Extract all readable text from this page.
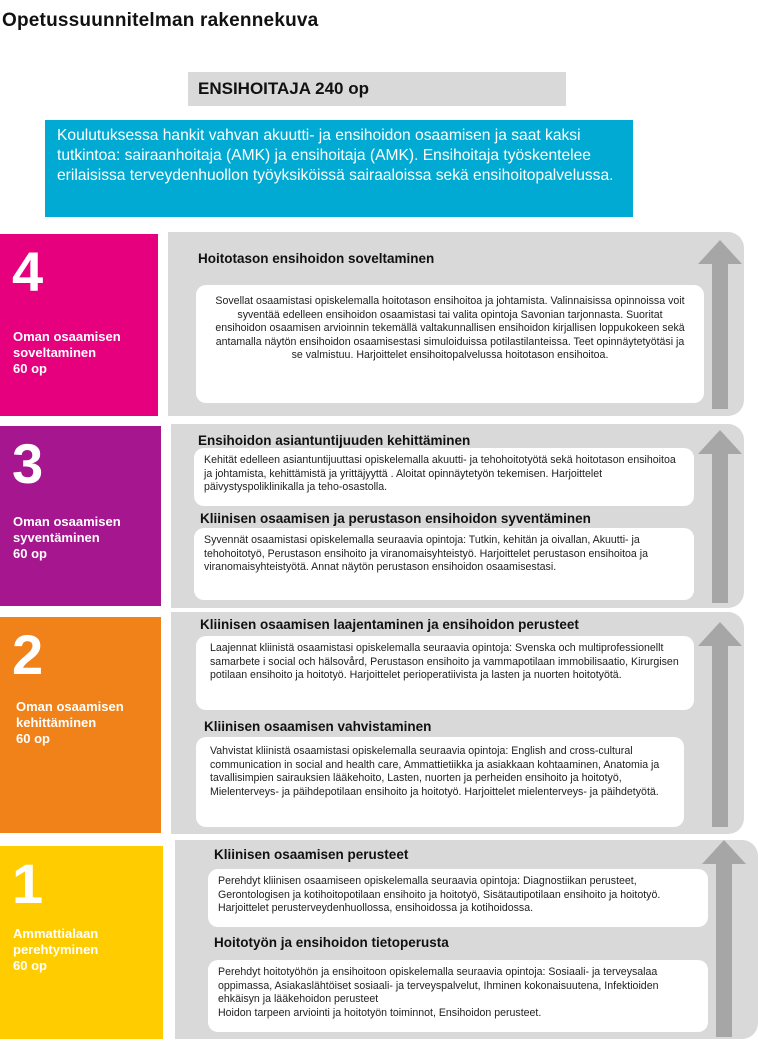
Opetussuunnitelman rakennekuva
ENSIHOITAJA 240 op
Koulutuksessa hankit vahvan akuutti- ja ensihoidon osaamisen ja saat kaksi tutkintoa: sairaanhoitaja (AMK) ja ensihoitaja (AMK). Ensihoitaja työskentelee erilaisissa terveydenhuollon työyksiköissä sairaaloissa sekä ensihoitopalvelussa.
4
Oman osaamisen
soveltaminen
60 op
Hoitotason ensihoidon soveltaminen
Sovellat osaamistasi opiskelemalla hoitotason ensihoitoa ja johtamista. Valinnaisissa opinnoissa voit syventää edelleen ensihoidon osaamistasi tai valita opintoja Savonian tarjonnasta. Suoritat ensihoidon osaamisen arvioinnin tekemällä valtakunnallisen ensihoidon kirjallisen loppukokeen sekä antamalla näytön ensihoidon osaamisestasi simuloiduissa potilastilanteissa. Teet opinnäytetyötäsi ja se valmistuu. Harjoittelet ensihoitopalvelussa hoitotason ensihoitoa.
3
Oman osaamisen
syventäminen
60 op
Ensihoidon asiantuntijuuden kehittäminen
Kehität edelleen asiantuntijuuttasi opiskelemalla akuutti- ja tehohoitotyötä sekä hoitotason ensihoitoa ja johtamista, kehittämistä ja yrittäjyyttä . Aloitat opinnäytetyön tekemisen. Harjoittelet päivystyspoliklinikalla ja teho-osastolla.
Kliinisen osaamisen ja perustason ensihoidon syventäminen
Syvennät osaamistasi opiskelemalla seuraavia opintoja: Tutkin, kehitän ja oivallan, Akuutti- ja tehohoitotyö, Perustason ensihoito ja viranomaisyhteistyö. Harjoittelet perustason ensihoitoa ja viranomaisyhteistyötä. Annat näytön perustason ensihoidon osaamisestasi.
2
Oman osaamisen
kehittäminen
60 op
Kliinisen osaamisen laajentaminen ja ensihoidon perusteet
Laajennat kliinistä osaamistasi opiskelemalla seuraavia opintoja: Svenska och multiprofessionellt samarbete i social och hälsovård, Perustason ensihoito ja vammapotilaan immobilisaatio, Kirurgisen potilaan ensihoito ja hoitotyö. Harjoittelet perioperatiivista ja lasten ja nuorten hoitotyötä.
Kliinisen osaamisen vahvistaminen
Vahvistat kliinistä osaamistasi opiskelemalla seuraavia opintoja: English and cross-cultural communication in social and health care, Ammattietiikka ja asiakkaan kohtaaminen, Anatomia ja tavallisimpien sairauksien lääkehoito, Lasten, nuorten ja perheiden ensihoito ja hoitotyö, Mielenterveys- ja päihdepotilaan ensihoito ja hoitotyö. Harjoittelet mielenterveys- ja päihdetyötä.
1
Ammattialaan
perehtyminen
60 op
Kliinisen osaamisen perusteet
Perehdyt kliinisen osaamiseen opiskelemalla seuraavia opintoja: Diagnostiikan perusteet, Gerontologisen ja kotihoitopotilaan ensihoito ja hoitotyö, Sisätautipotilaan ensihoito ja hoitotyö. Harjoittelet perusterveydenhuollossa, ensihoidossa ja kotihoidossa.
Hoitotyön ja ensihoidon tietoperusta
Perehdyt hoitotyöhön ja ensihoitoon opiskelemalla seuraavia opintoja: Sosiaali- ja terveysalaa oppimassa, Asiakaslähtöiset sosiaali- ja terveyspalvelut, Ihminen kokonaisuutena, Infektioiden ehkäisyn ja lääkehoidon perusteet
Hoidon tarpeen arviointi ja hoitotyön toiminnot, Ensihoidon perusteet.
